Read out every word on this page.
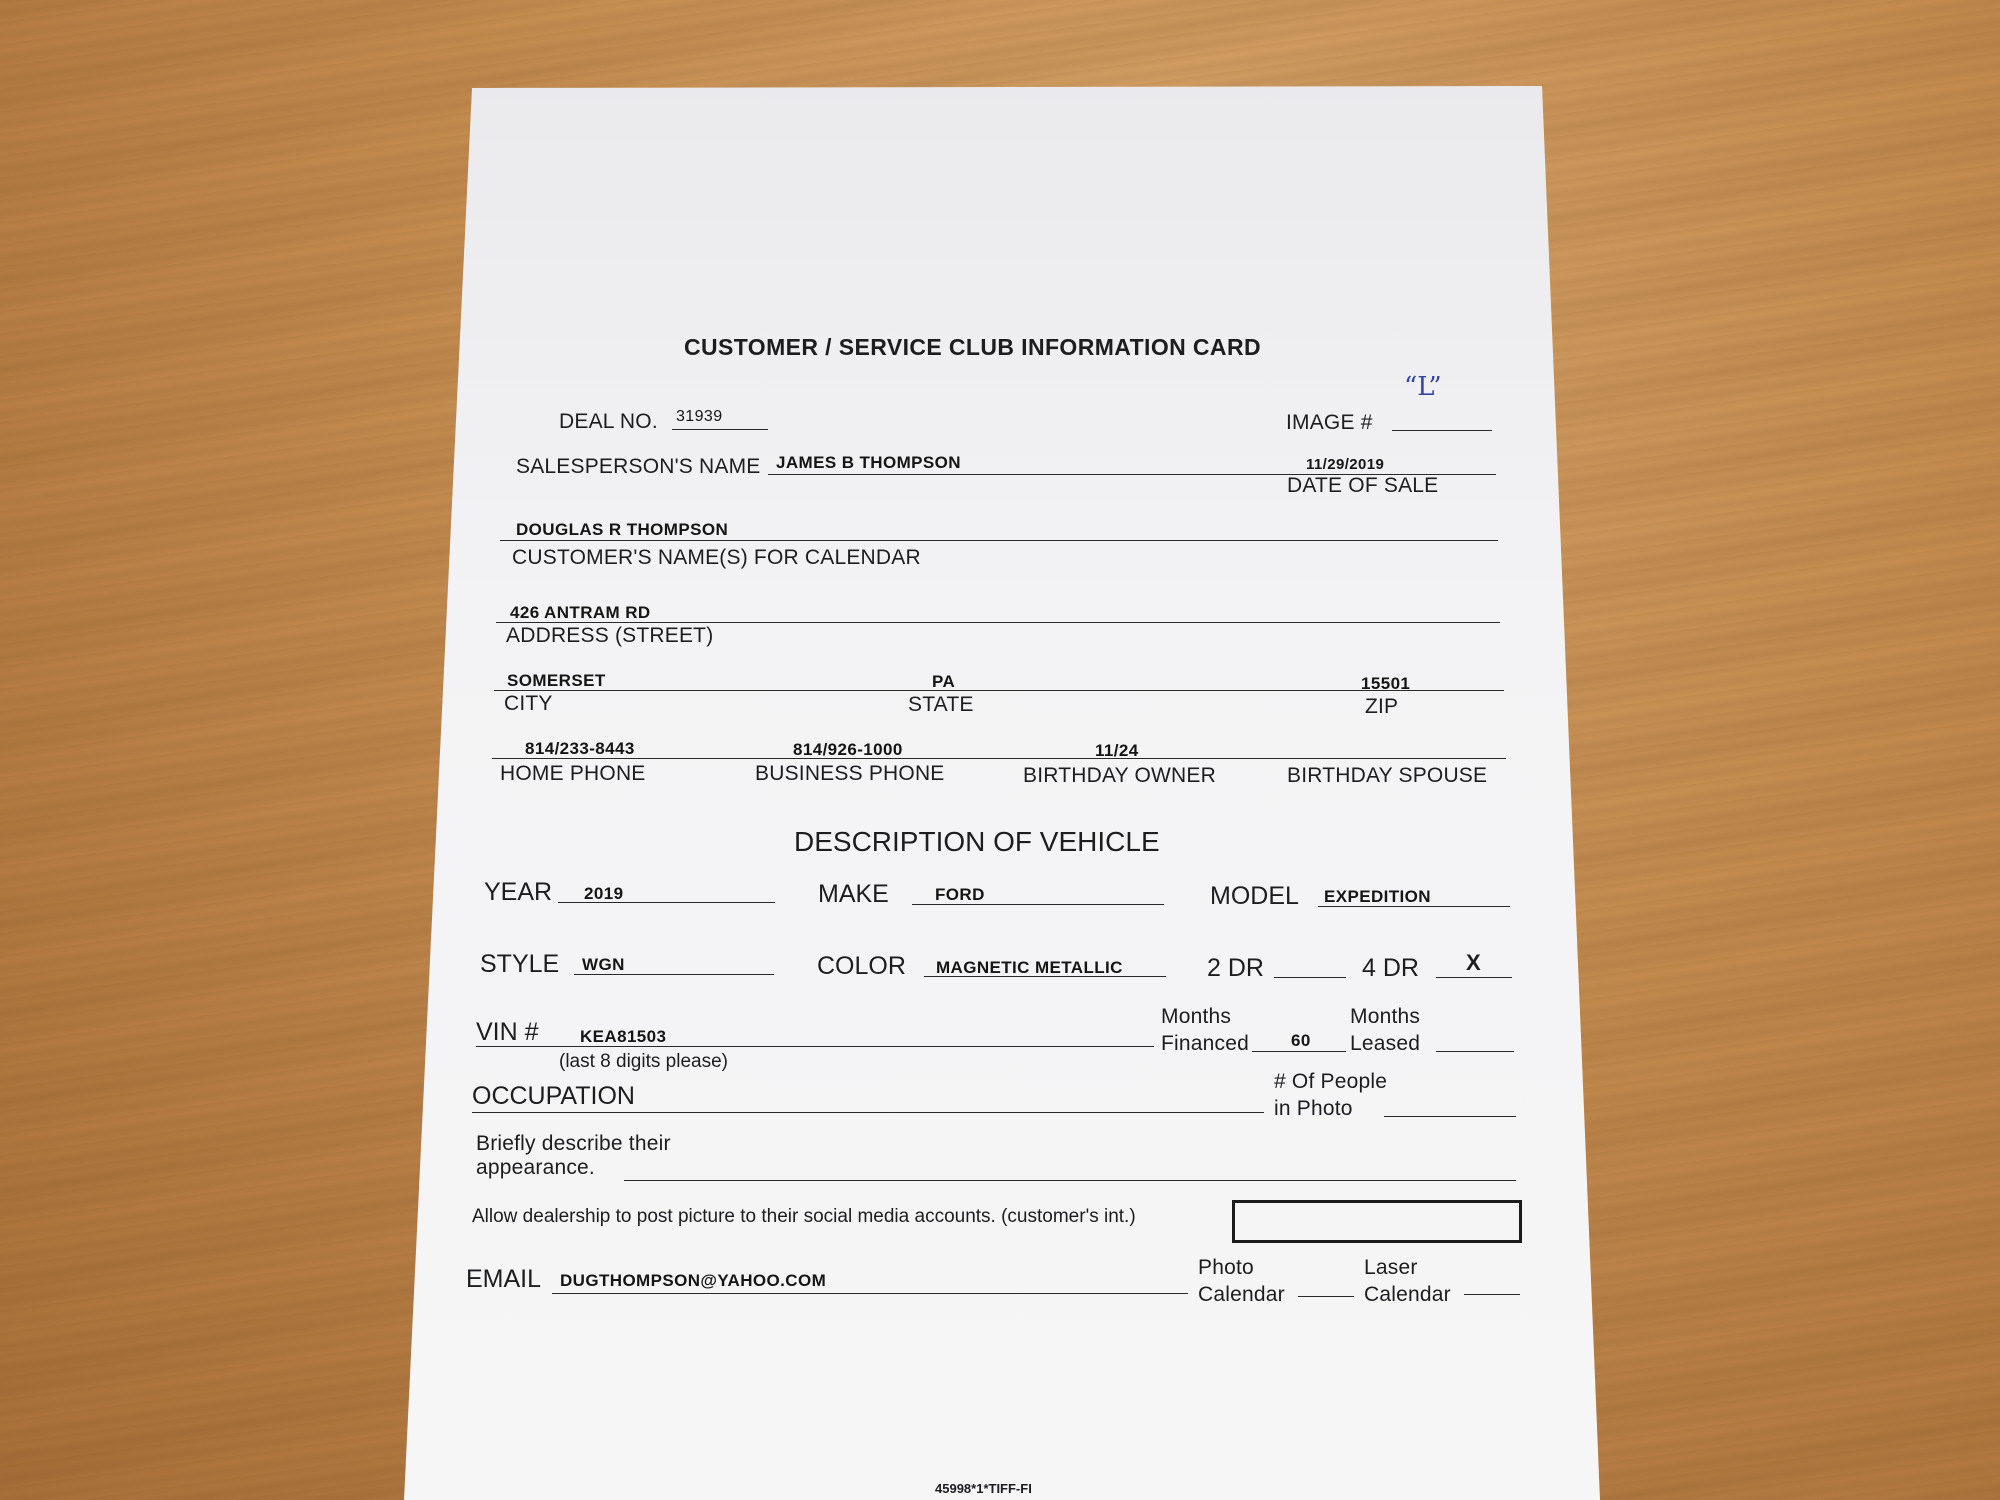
CUSTOMER / SERVICE CLUB INFORMATION CARD
DEAL NO. 31939	IMAGE #
“L”
SALESPERSON'S NAME JAMES B THOMPSON	11/29/2019
DATE OF SALE
DOUGLAS R THOMPSON
CUSTOMER'S NAME(S) FOR CALENDAR
426 ANTRAM RD
ADDRESS (STREET)
SOMERSET	PA	15501
CITY	STATE	ZIP
814/233-8443	814/926-1000	11/24
HOME PHONE	BUSINESS PHONE	BIRTHDAY OWNER	BIRTHDAY SPOUSE
DESCRIPTION OF VEHICLE
YEAR 2019	MAKE	FORD	MODEL EXPEDITION
STYLE WGN	COLOR MAGNETIC METALLIC	2 DR	4 DR X
VIN # KEA81503
(last 8 digits please)
Months
Financed 60
Months
Leased
OCCUPATION
# Of People
in Photo
Briefly describe their
appearance.
Allow dealership to post picture to their social media accounts. (customer's int.)
EMAIL DUGTHOMPSON@YAHOO.COM
Photo
Calendar
Laser
Calendar
45998*1*TIFF-FI
